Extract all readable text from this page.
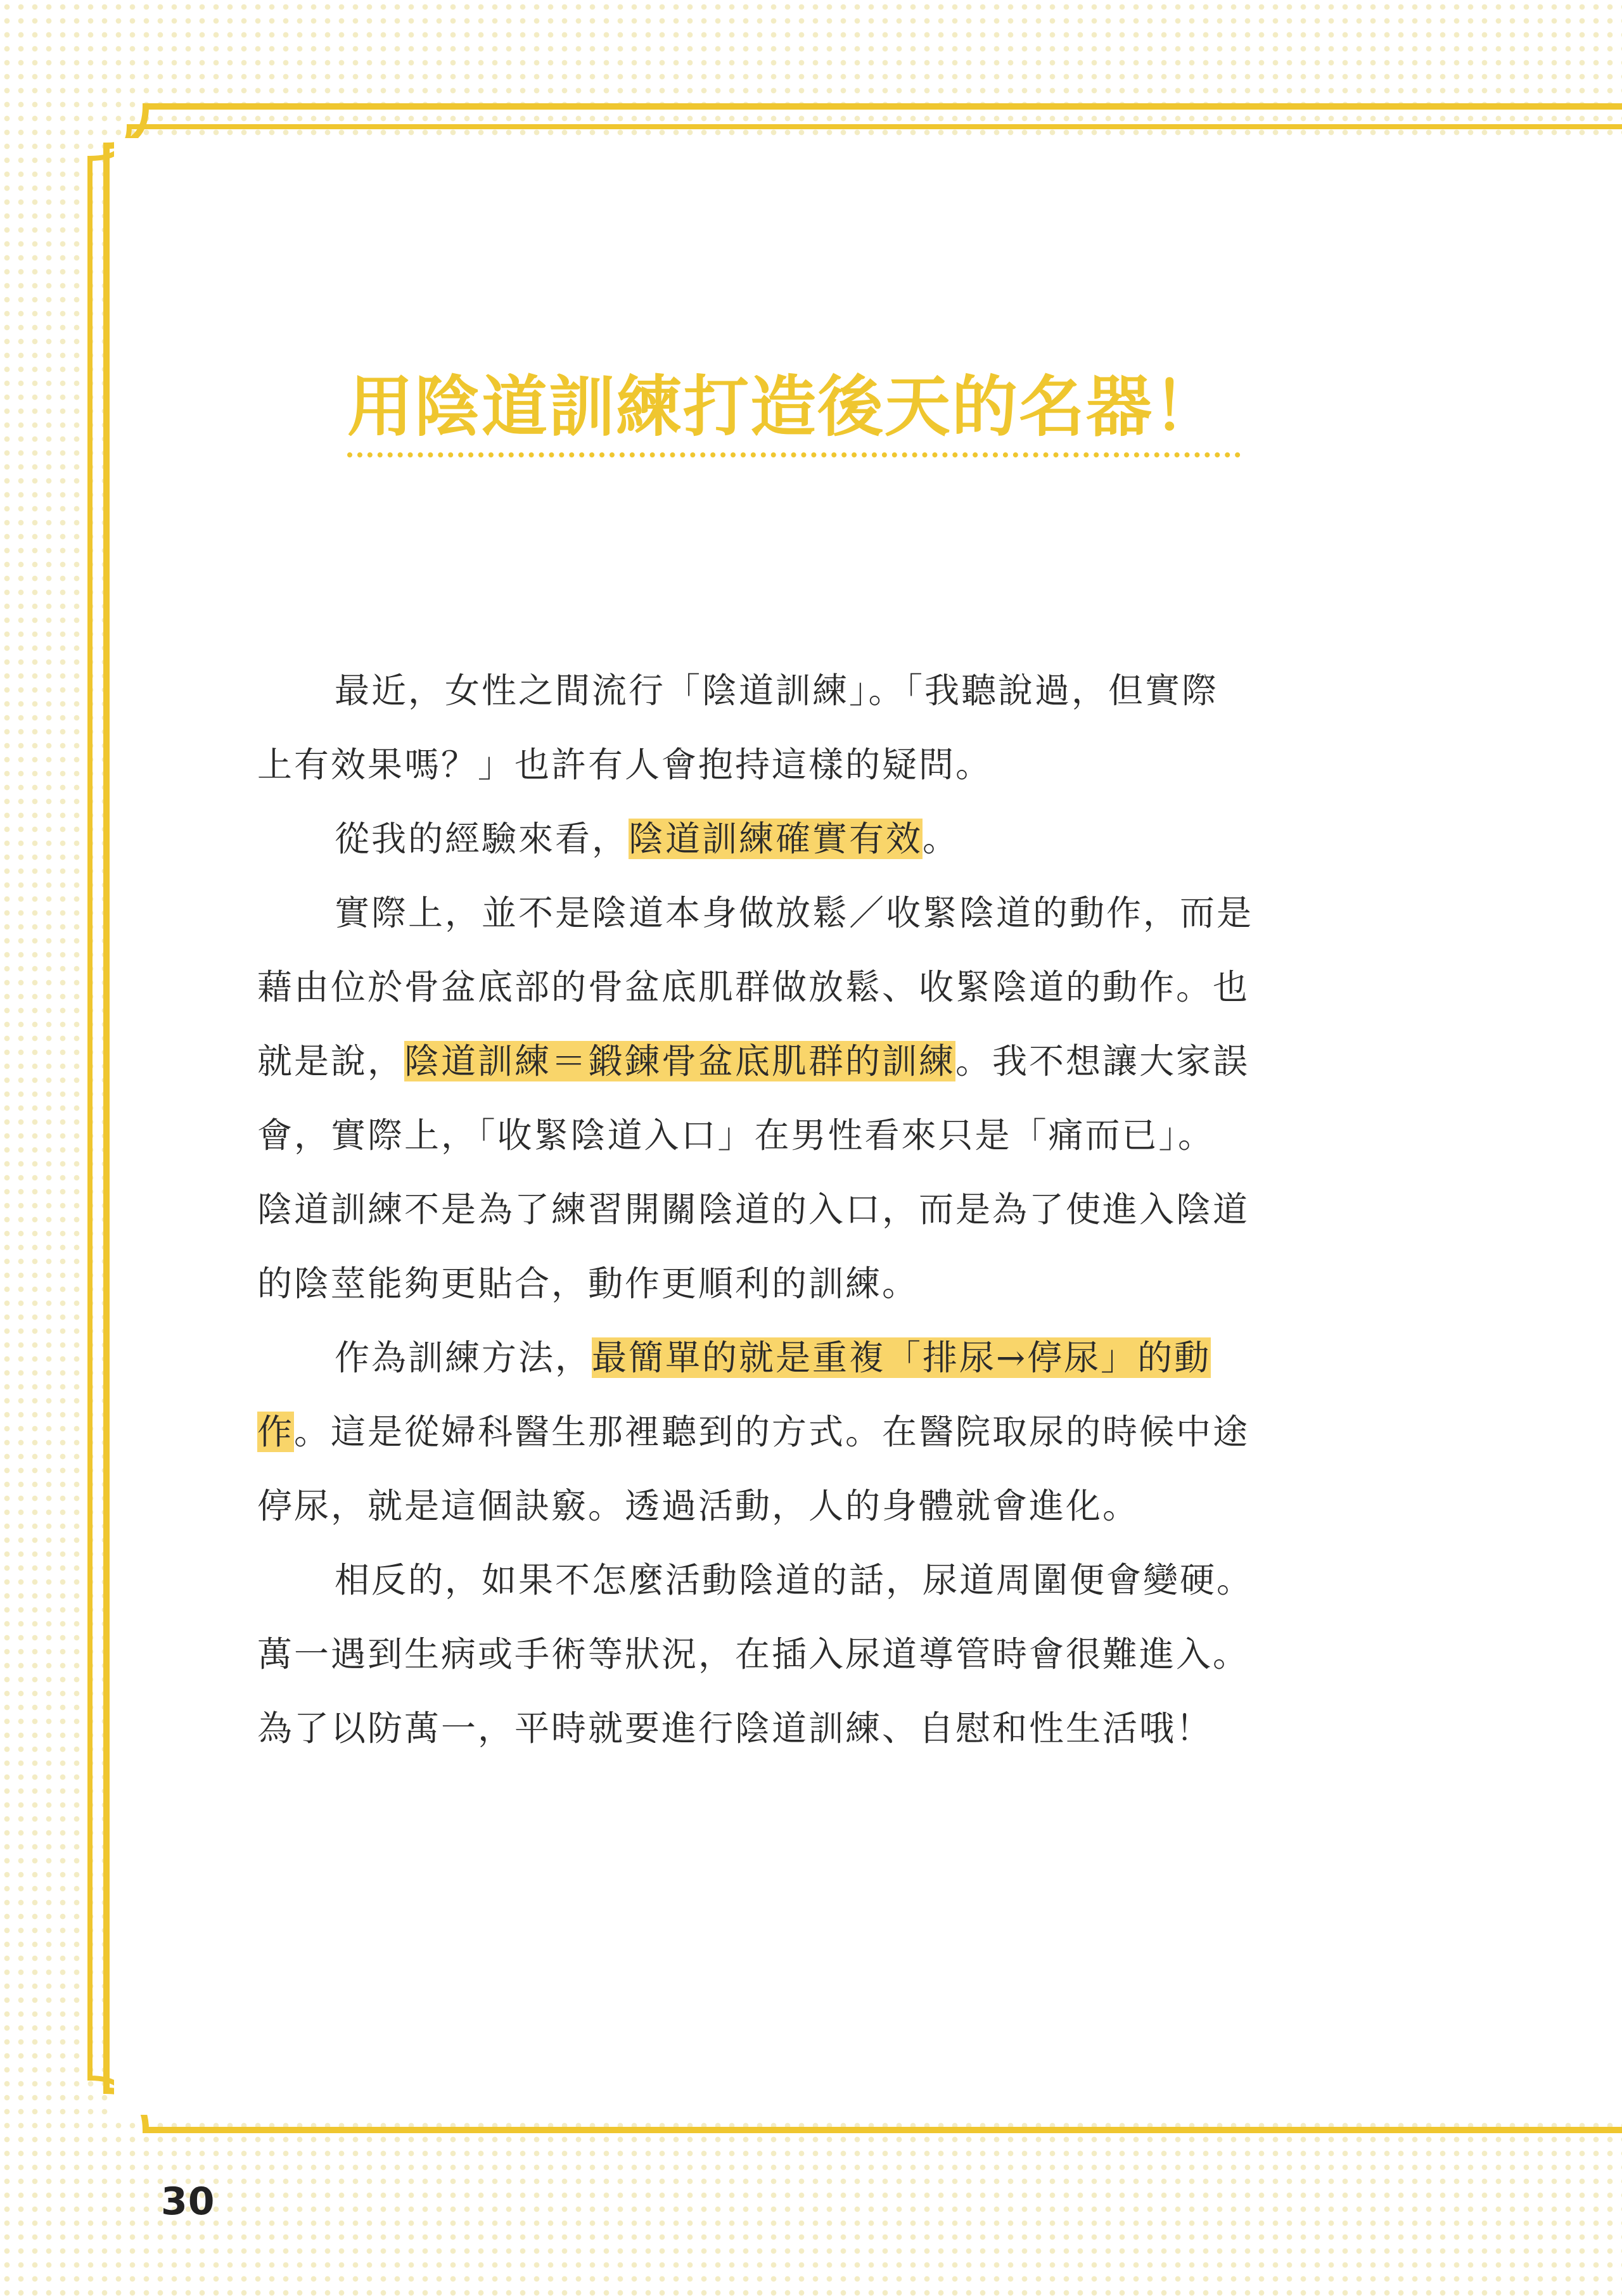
用陰道訓練打造後天的名器！
最近，女性之間流行「陰道訓練」。「我聽說過，但實際
上有效果嗎？」也許有人會抱持這樣的疑問。
從我的經驗來看，陰道訓練確實有效。
實際上，並不是陰道本身做放鬆／收緊陰道的動作，而是
藉由位於骨盆底部的骨盆底肌群做放鬆、收緊陰道的動作。也
就是說，陰道訓練＝鍛鍊骨盆底肌群的訓練。我不想讓大家誤
會，實際上，「收緊陰道入口」在男性看來只是「痛而已」。
陰道訓練不是為了練習開關陰道的入口，而是為了使進入陰道
的陰莖能夠更貼合，動作更順利的訓練。
作為訓練方法，最簡單的就是重複「排尿→停尿」的動
作。這是從婦科醫生那裡聽到的方式。在醫院取尿的時候中途
停尿，就是這個訣竅。透過活動，人的身體就會進化。
相反的，如果不怎麼活動陰道的話，尿道周圍便會變硬。
萬一遇到生病或手術等狀況，在插入尿道導管時會很難進入。
為了以防萬一，平時就要進行陰道訓練、自慰和性生活哦！
30
